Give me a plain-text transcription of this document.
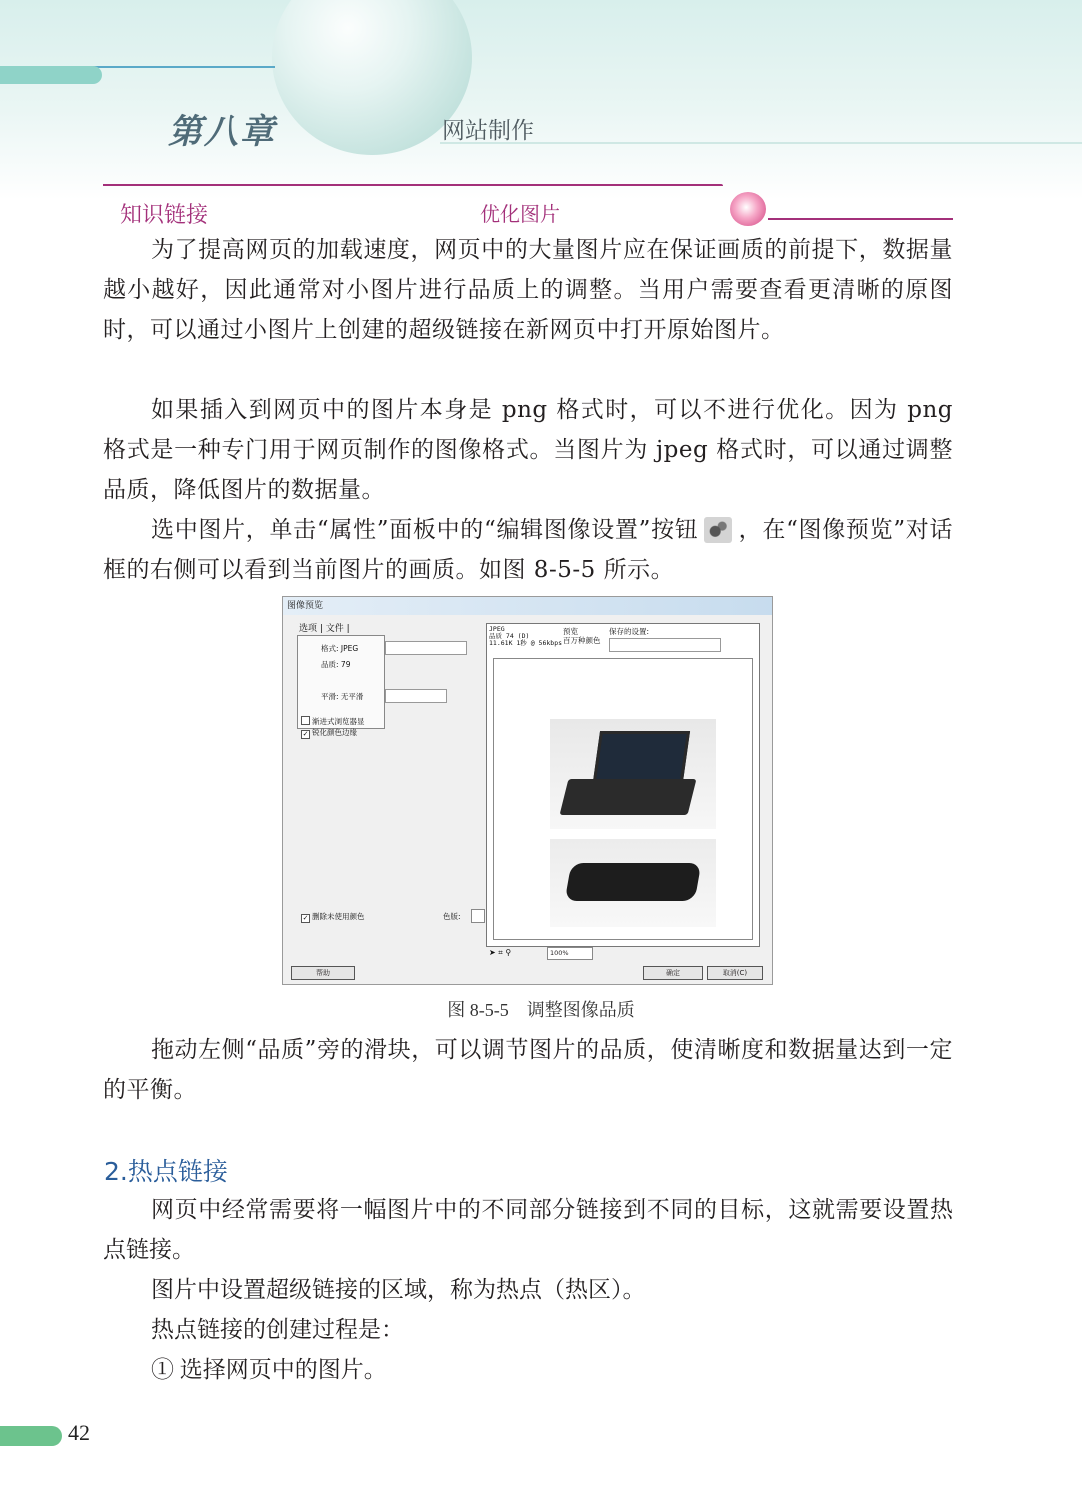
第八章	网站制作
知识链接	优化图片

为了提高网页的加载速度，网页中的大量图片应在保证画质的前提下，数据量越小越好，因此通常对小图片进行品质上的调整。当用户需要查看更清晰的原图时，可以通过小图片上创建的超级链接在新网页中打开原始图片。

如果插入到网页中的图片本身是 png 格式时，可以不进行优化。因为 png 格式是一种专门用于网页制作的图像格式。当图片为 jpeg 格式时，可以通过调整品质，降低图片的数据量。

选中图片，单击“属性”面板中的“编辑图像设置”按钮 ，在“图像预览”对话框的右侧可以看到当前图片的画质。如图 8-5-5 所示。

图像预览
选项 | 文件 |
格式: JPEG
品质: 79
平滑: 无平滑
渐进式浏览器显
✓ 锐化颜色边缘
色版:
✓ 删除未使用颜色
JPEG
品质 74 (D)
11.61K 1秒 @ 56kbps
预览
百万种颜色
保存的设置:
➤ ⌗ ⚲	100%
帮助	确定	取消(C)
图 8-5-5　调整图像品质

拖动左侧“品质”旁的滑块，可以调节图片的品质，使清晰度和数据量达到一定的平衡。

2.热点链接

网页中经常需要将一幅图片中的不同部分链接到不同的目标，这就需要设置热点链接。

图片中设置超级链接的区域，称为热点（热区）。

热点链接的创建过程是：

① 选择网页中的图片。

42
